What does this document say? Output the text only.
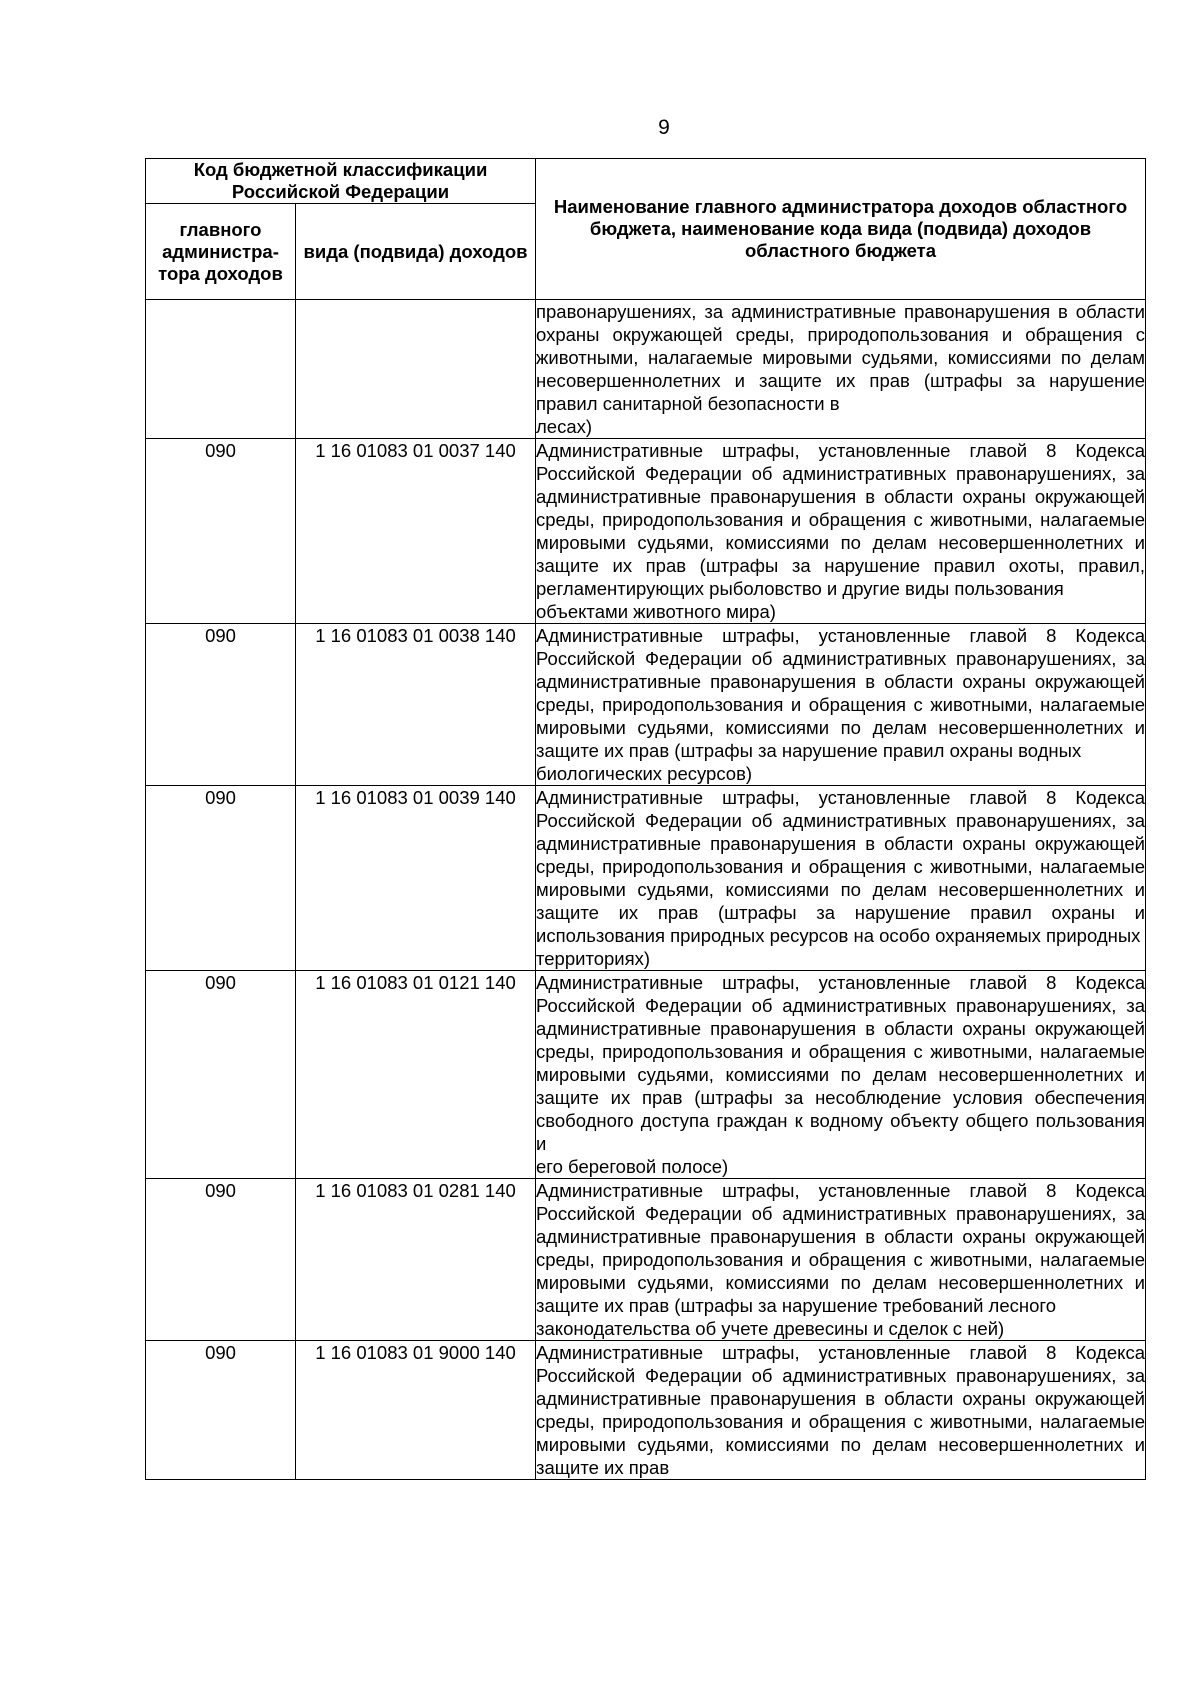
9
Код бюджетной классификации Российской Федерации		Наименование главного администратора доходов областного бюджета, наименование кода вида (подвида) доходов областного бюджета
главного администра-тора доходов	вида (подвида) доходов	
		правонарушениях, за административные правонарушения в области охраны окружающей среды, природопользования и обращения с животными, налагаемые мировыми судьями, комиссиями по делам несовершеннолетних и защите их прав (штрафы за нарушение правил санитарной безопасности в
лесах)

090	1 16 01083 01 0037 140	Административные штрафы, установленные главой 8 Кодекса Российской Федерации об административных правонарушениях, за административные правонарушения в области охраны окружающей среды, природопользования и обращения с животными, налагаемые мировыми судьями, комиссиями по делам несовершеннолетних и защите их прав (штрафы за нарушение правил охоты, правил, регламентирующих рыболовство и другие виды пользования
объектами животного мира)

090	1 16 01083 01 0038 140	Административные штрафы, установленные главой 8 Кодекса Российской Федерации об административных правонарушениях, за административные правонарушения в области охраны окружающей среды, природопользования и обращения с животными, налагаемые мировыми судьями, комиссиями по делам несовершеннолетних и защите их прав (штрафы за нарушение правил охраны водных
биологических ресурсов)

090	1 16 01083 01 0039 140	Административные штрафы, установленные главой 8 Кодекса Российской Федерации об административных правонарушениях, за административные правонарушения в области охраны окружающей среды, природопользования и обращения с животными, налагаемые мировыми судьями, комиссиями по делам несовершеннолетних и защите их прав (штрафы за нарушение правил охраны и использования природных ресурсов на особо охраняемых природных
территориях)

090	1 16 01083 01 0121 140	Административные штрафы, установленные главой 8 Кодекса Российской Федерации об административных правонарушениях, за административные правонарушения в области охраны окружающей среды, природопользования и обращения с животными, налагаемые мировыми судьями, комиссиями по делам несовершеннолетних и защите их прав (штрафы за несоблюдение условия обеспечения свободного доступа граждан к водному объекту общего пользования и
его береговой полосе)

090	1 16 01083 01 0281 140	Административные штрафы, установленные главой 8 Кодекса Российской Федерации об административных правонарушениях, за административные правонарушения в области охраны окружающей среды, природопользования и обращения с животными, налагаемые мировыми судьями, комиссиями по делам несовершеннолетних и защите их прав (штрафы за нарушение требований лесного
законодательства об учете древесины и сделок с ней)

090	1 16 01083 01 9000 140	Административные штрафы, установленные главой 8 Кодекса Российской Федерации об административных правонарушениях, за административные правонарушения в области охраны окружающей среды, природопользования и обращения с животными, налагаемые мировыми судьями, комиссиями по делам несовершеннолетних и защите их прав
